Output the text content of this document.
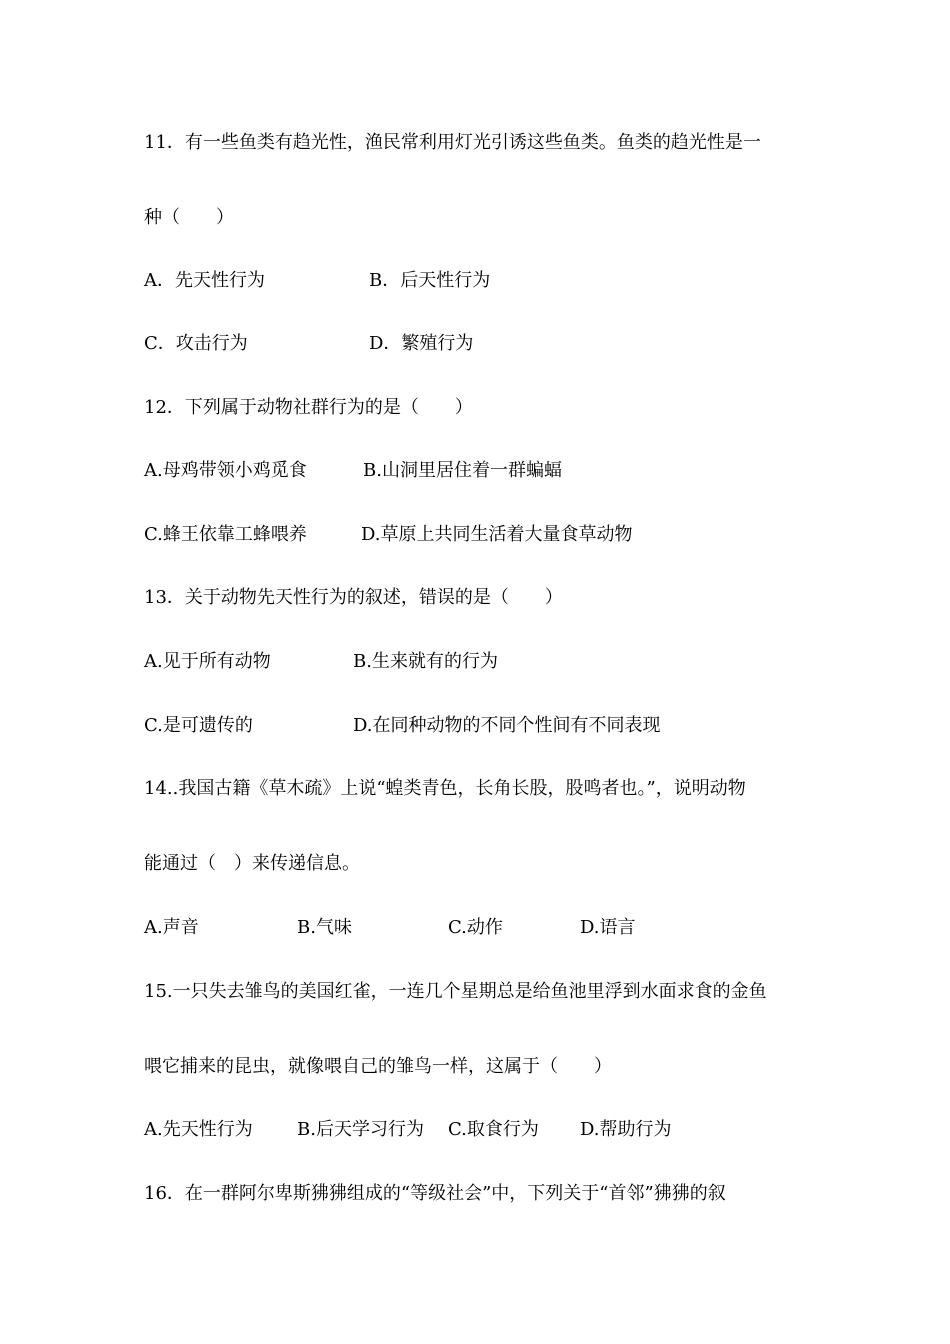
11．有一些鱼类有趋光性，渔民常利用灯光引诱这些鱼类。鱼类的趋光性是一
种（　　）
A．先天性行为	B．后天性行为
C．攻击行为	D．繁殖行为
12．下列属于动物社群行为的是（　　）
A.母鸡带领小鸡觅食	B.山洞里居住着一群蝙蝠
C.蜂王依靠工蜂喂养	D.草原上共同生活着大量食草动物
13．关于动物先天性行为的叙述，错误的是（　　）
A.见于所有动物	B.生来就有的行为
C.是可遗传的	D.在同种动物的不同个性间有不同表现
14..我国古籍《草木疏》上说“蝗类青色，长角长股，股鸣者也。”，说明动物
能通过（　）来传递信息。
A.声音	B.气味	C.动作	D.语言
15.一只失去雏鸟的美国红雀，一连几个星期总是给鱼池里浮到水面求食的金鱼
喂它捕来的昆虫，就像喂自己的雏鸟一样，这属于（　　）
A.先天性行为 B.后天学习行为 C.取食行为 D.帮助行为
16．在一群阿尔卑斯狒狒组成的“等级社会”中，下列关于“首邻”狒狒的叙
